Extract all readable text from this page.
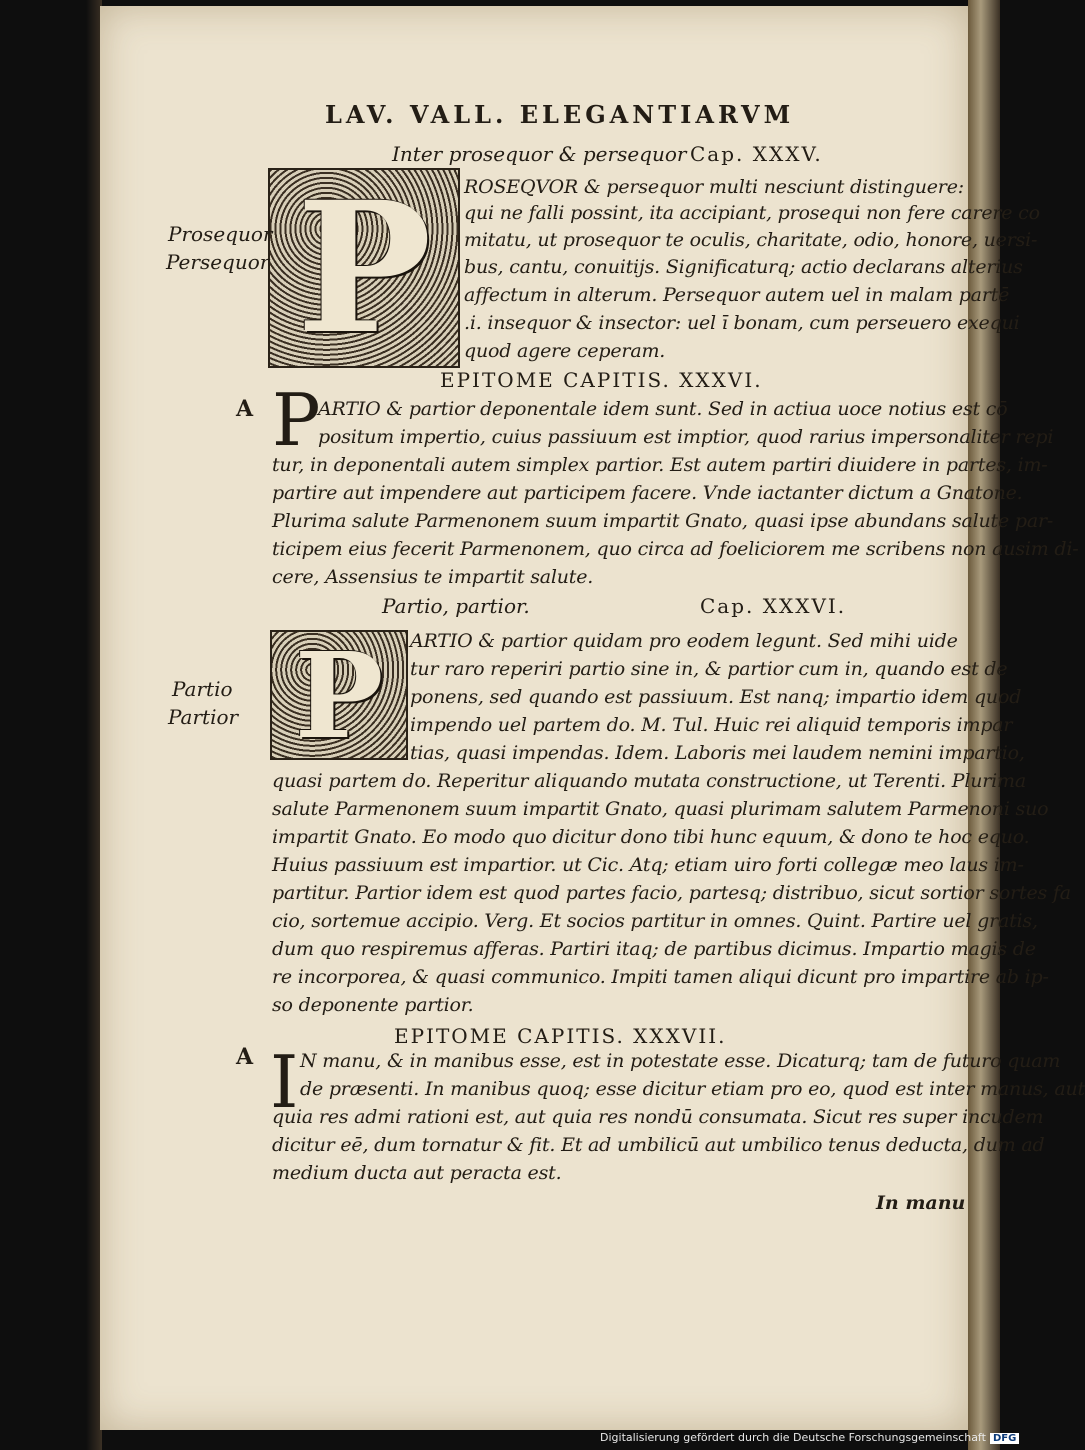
LAV. VALL. ELEGANTIARVM
Inter prosequor & persequor Cap. XXXV.
P
Prosequor
Persequor
ROSEQVOR & persequor multi nesciunt distinguere:
qui ne falli possint, ita accipiant, prosequi non fere carere co
mitatu, ut prosequor te oculis, charitate, odio, honore, uersi-
bus, cantu, conuitijs. Significaturq; actio declarans alterius
affectum in alterum. Persequor autem uel in malam partē
.i. insequor & insector: uel ī bonam, cum perseuero exequi
quod agere ceperam.
EPITOME CAPITIS. XXXVI.
A P
ARTIO & partior deponentale idem sunt. Sed in actiua uoce notius est cō
positum impertio, cuius passiuum est imptior, quod rarius impersonaliter repi
tur, in deponentali autem simplex partior. Est autem partiri diuidere in partes, im-
partire aut impendere aut participem facere. Vnde iactanter dictum a Gnatone.
Plurima salute Parmenonem suum impartit Gnato, quasi ipse abundans salute par-
ticipem eius fecerit Parmenonem, quo circa ad foeliciorem me scribens non ausim di-
cere, Assensius te impartit salute.
Partio, partior.	Cap. XXXVI.
P
Partio
Partior
ARTIO & partior quidam pro eodem legunt. Sed mihi uide
tur raro reperiri partio sine in, & partior cum in, quando est de
ponens, sed quando est passiuum. Est nanq; impartio idem quod
impendo uel partem do. M. Tul. Huic rei aliquid temporis impar
tias, quasi impendas. Idem. Laboris mei laudem nemini impartio,
quasi partem do. Reperitur aliquando mutata constructione, ut Terenti. Plurima
salute Parmenonem suum impartit Gnato, quasi plurimam salutem Parmenoni suo
impartit Gnato. Eo modo quo dicitur dono tibi hunc equum, & dono te hoc equo.
Huius passiuum est impartior. ut Cic. Atq; etiam uiro forti collegæ meo laus im-
partitur. Partior idem est quod partes facio, partesq; distribuo, sicut sortior sortes fa
cio, sortemue accipio. Verg. Et socios partitur in omnes. Quint. Partire uel gratis,
dum quo respiremus afferas. Partiri itaq; de partibus dicimus. Impartio magis de
re incorporea, & quasi communico. Impiti tamen aliqui dicunt pro impartire ab ip-
so deponente partior.
EPITOME CAPITIS. XXXVII.
A I N manu, & in manibus esse, est in potestate esse. Dicaturq; tam de futuro quam
de præsenti. In manibus quoq; esse dicitur etiam pro eo, quod est inter manus, aut
quia res admi rationi est, aut quia res nondū consumata. Sicut res super incudem
dicitur eē, dum tornatur & fit. Et ad umbilicū aut umbilico tenus deducta, dum ad
medium ducta aut peracta est.
In manu
Digitalisierung gefördert durch die Deutsche Forschungsgemeinschaft DFG
